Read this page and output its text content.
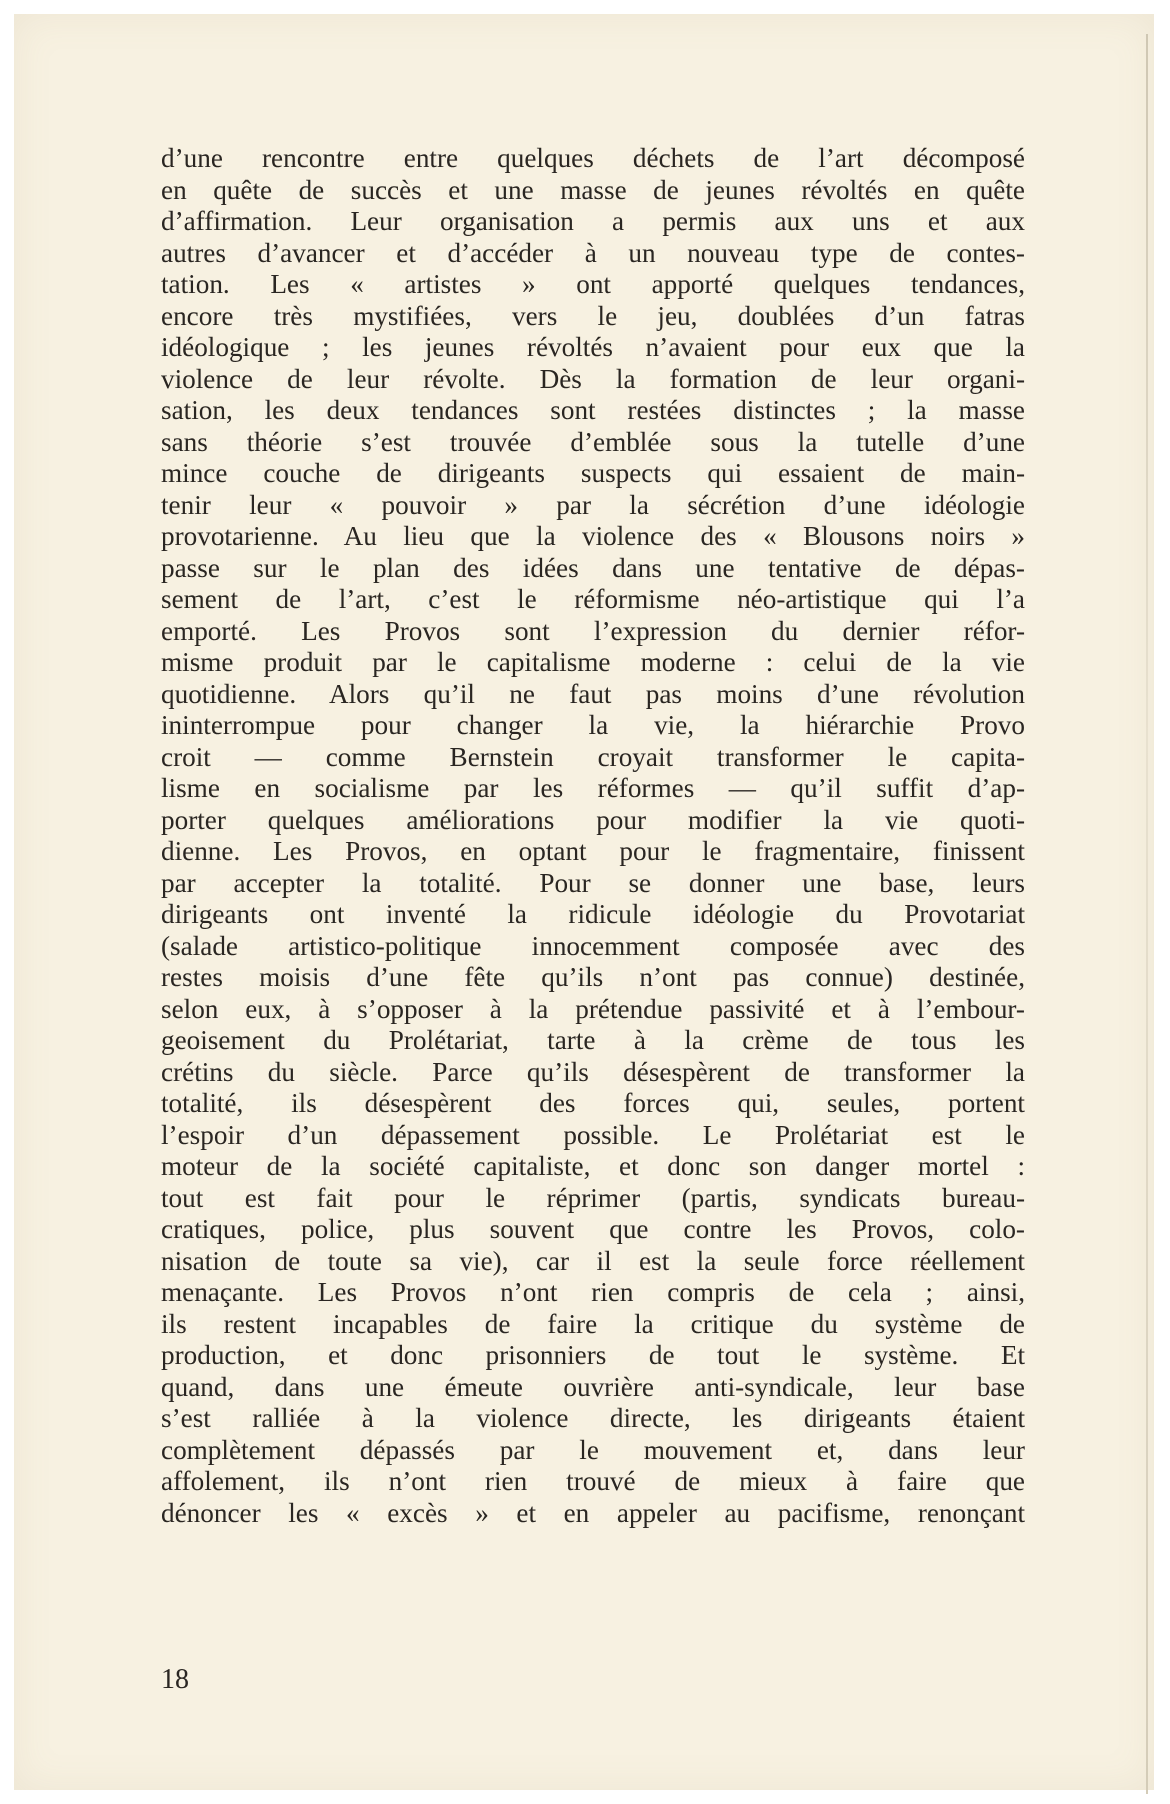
d’une rencontre entre quelques déchets de l’art décomposé
en quête de succès et une masse de jeunes révoltés en quête
d’affirmation. Leur organisation a permis aux uns et aux
autres d’avancer et d’accéder à un nouveau type de contes-
tation. Les « artistes » ont apporté quelques tendances,
encore très mystifiées, vers le jeu, doublées d’un fatras
idéologique ; les jeunes révoltés n’avaient pour eux que la
violence de leur révolte. Dès la formation de leur organi-
sation, les deux tendances sont restées distinctes ; la masse
sans théorie s’est trouvée d’emblée sous la tutelle d’une
mince couche de dirigeants suspects qui essaient de main-
tenir leur « pouvoir » par la sécrétion d’une idéologie
provotarienne. Au lieu que la violence des « Blousons noirs »
passe sur le plan des idées dans une tentative de dépas-
sement de l’art, c’est le réformisme néo-artistique qui l’a
emporté. Les Provos sont l’expression du dernier réfor-
misme produit par le capitalisme moderne : celui de la vie
quotidienne. Alors qu’il ne faut pas moins d’une révolution
ininterrompue pour changer la vie, la hiérarchie Provo
croit — comme Bernstein croyait transformer le capita-
lisme en socialisme par les réformes — qu’il suffit d’ap-
porter quelques améliorations pour modifier la vie quoti-
dienne. Les Provos, en optant pour le fragmentaire, finissent
par accepter la totalité. Pour se donner une base, leurs
dirigeants ont inventé la ridicule idéologie du Provotariat
(salade artistico-politique innocemment composée avec des
restes moisis d’une fête qu’ils n’ont pas connue) destinée,
selon eux, à s’opposer à la prétendue passivité et à l’embour-
geoisement du Prolétariat, tarte à la crème de tous les
crétins du siècle. Parce qu’ils désespèrent de transformer la
totalité, ils désespèrent des forces qui, seules, portent
l’espoir d’un dépassement possible. Le Prolétariat est le
moteur de la société capitaliste, et donc son danger mortel :
tout est fait pour le réprimer (partis, syndicats bureau-
cratiques, police, plus souvent que contre les Provos, colo-
nisation de toute sa vie), car il est la seule force réellement
menaçante. Les Provos n’ont rien compris de cela ; ainsi,
ils restent incapables de faire la critique du système de
production, et donc prisonniers de tout le système. Et
quand, dans une émeute ouvrière anti-syndicale, leur base
s’est ralliée à la violence directe, les dirigeants étaient
complètement dépassés par le mouvement et, dans leur
affolement, ils n’ont rien trouvé de mieux à faire que
dénoncer les « excès » et en appeler au pacifisme, renonçant
18
